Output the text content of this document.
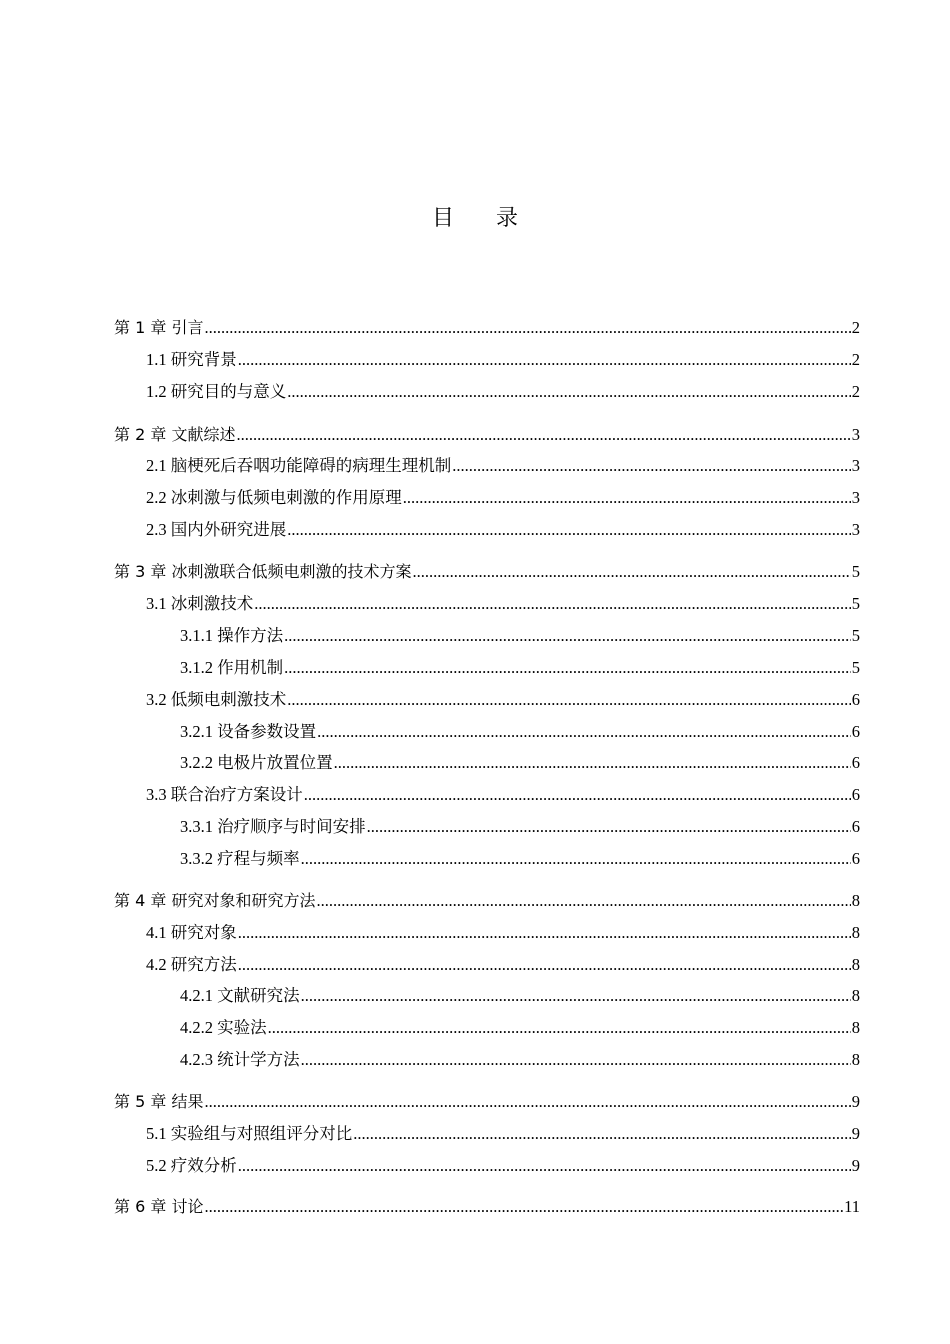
目录
第 1 章 引言 .....	2
1.1 研究背景 .....	2
1.2 研究目的与意义 .....	2
第 2 章 文献综述 .....	3
2.1 脑梗死后吞咽功能障碍的病理生理机制 .....	3
2.2 冰刺激与低频电刺激的作用原理 .....	3
2.3 国内外研究进展 .....	3
第 3 章 冰刺激联合低频电刺激的技术方案 .....	5
3.1 冰刺激技术 .....	5
3.1.1 操作方法 .....	5
3.1.2 作用机制 .....	5
3.2 低频电刺激技术 .....	6
3.2.1 设备参数设置 .....	6
3.2.2 电极片放置位置 .....	6
3.3 联合治疗方案设计 .....	6
3.3.1 治疗顺序与时间安排 .....	6
3.3.2 疗程与频率 .....	6
第 4 章 研究对象和研究方法 .....	8
4.1 研究对象 .....	8
4.2 研究方法 .....	8
4.2.1 文献研究法 .....	8
4.2.2 实验法 .....	8
4.2.3 统计学方法 .....	8
第 5 章 结果 .....	9
5.1 实验组与对照组评分对比 .....	9
5.2 疗效分析 .....	9
第 6 章 讨论 .....	11
